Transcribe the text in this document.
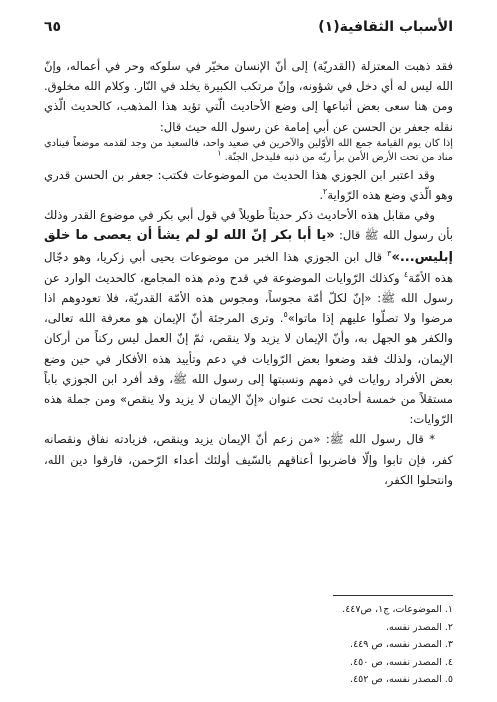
الأسباب الثقافية(١)
٦٥

فقد ذهبت المعتزلة (القدريّة) إلى أنّ الإنسان مخيّر في سلوكه وحر في أعماله، وإنّ الله ليس له أي دخل في شؤونه، وإنّ مرتكب الكبيرة يخلد في النّار. وكلام الله مخلوق. ومن هنا سعى بعض أتباعها إلى وضع الأحاديث الّتي تؤيد هذا المذهب، كالحديث الّذي نقله جعفر بن الحسن عن أبي إمامة عن رسول الله حيث قال:

إذا كان يوم القيامة جمع الله الأوّلين والآخرين في صعيد واحد، فالسعيد من وجد لقدمه موضعاً فينادي مناد من تحت الأرض الأمن برأ ربّه من ذنبه فليدخل الجنّة. $^١$

وقد اعتبر ابن الجوزي هذا الحديث من الموضوعات فكتب: جعفر بن الحسن قدري وهو الّذي وضع هذه الرّواية$^٢$.

وفي مقابل هذه الأحاديث ذكر حديثاً طويلاً في قول أبي بكر في موضوع القدر وذلك بأن رسول الله ﷺ قال: «يا أبا بكر إنّ الله لو لم يشأ أن يعصى ما خلق إبليس...»$^٣$ قال ابن الجوزي هذا الخبر من موضوعات يحيى أبي زكريا، وهو دجّال هذه الأمّة$^٤$ وكذلك الرّوايات الموضوعة في قدح وذم هذه المجامع، كالحديث الوارد عن رسول الله ﷺ: «إنّ لكلّ أمّة مجوساً، ومجوس هذه الأمّة القدريّة، فلا تعودوهم اذا مرضوا ولا تصلّوا عليهم إذا ماتوا»$^٥$. وترى المرجئة أنّ الإيمان هو معرفة الله تعالى، والكفر هو الجهل به، وأنّ الإيمان لا يزيد ولا ينقص، ثمّ إنّ العمل ليس ركناً من أركان الإيمان، ولذلك فقد وضعوا بعض الرّوايات في دعم وتأييد هذه الأفكار في حين وضع بعض الأفراد روايات في ذمهم ونسبتها إلى رسول الله ﷺ، وقد أفرد ابن الجوزي باباً مستقلاً من خمسة أحاديث تحت عنوان «إنّ الإيمان لا يزيد ولا ينقص» ومن جملة هذه الرّوايات:

* قال رسول الله ﷺ: «من زعم أنّ الإيمان يزيد وينقص، فزيادته نفاق ونقصانه كفر، فإن تابوا وإلّا فاضربوا أعناقهم بالسّيف أولئك أعداء الرّحمن، فارقوا دين الله، وانتحلوا الكفر،

١. الموضوعات، ج١، ص٤٤٧.
٢. المصدر نفسه.
٣. المصدر نفسه، ص ٤٤٩.
٤. المصدر نفسه، ص ٤٥٠.
٥. المصدر نفسه، ص ٤٥٢.
